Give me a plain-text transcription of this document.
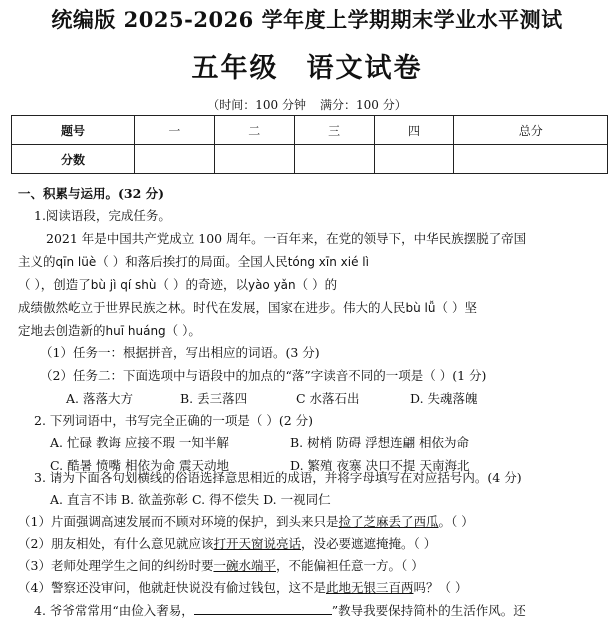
统编版 2025-2026 学年度上学期期末学业水平测试
五年级 语文试卷
（时间：100 分钟 满分：100 分）
题号	一	二	三	四	总分
分数					
一、积累与运用。(32 分)
1.阅读语段，完成任务。
2021 年是中国共产党成立 100 周年。一百年来，在党的领导下，中华民族摆脱了帝国
主义的qīn lüè（ ）和落后挨打的局面。全国人民tóng xīn xié lì
（ ），创造了bù jì qí shù（ ）的奇迹，以yào yǎn（ ）的
成绩傲然屹立于世界民族之林。时代在发展，国家在进步。伟大的人民bù lǚ（ ）坚
定地去创造新的huī huáng（ ）。
（1）任务一：根据拼音，写出相应的词语。(3 分)
（2）任务二：下面选项中与语段中的加点的“落”字读音不同的一项是（ ）(1 分)
A. 落落大方	B. 丢三落四	C 水落石出	D. 失魂落魄
2. 下列词语中，书写完全正确的一项是（ ）(2 分)
A. 忙碌 教诲 应接不瑕 一知半解	B. 树梢 防碍 浮想连翩 相依为命
C. 酷暑 愤嘴 相依为命 震天动地	D. 繁殖 夜寨 决口不提 天南海北
3. 请为下面各句划横线的俗语选择意思相近的成语，并将字母填写在对应括号内。(4 分)
A. 直言不讳 B. 欲盖弥彰 C. 得不偿失 D. 一视同仁
（1）片面强调高速发展而不顾对环境的保护，到头来只是捡了芝麻丢了西瓜。（ ）
（2）朋友相处，有什么意见就应该打开天窗说亮话，没必要遮遮掩掩。（ ）
（3）老师处理学生之间的纠纷时要一碗水端平，不能偏袒任意一方。（ ）
（4）警察还没审问，他就赶快说没有偷过钱包，这不是此地无银三百两吗？（ ）
4. 爷爷常常用“由俭入奢易，	”教导我要保持简朴的生活作风。还
